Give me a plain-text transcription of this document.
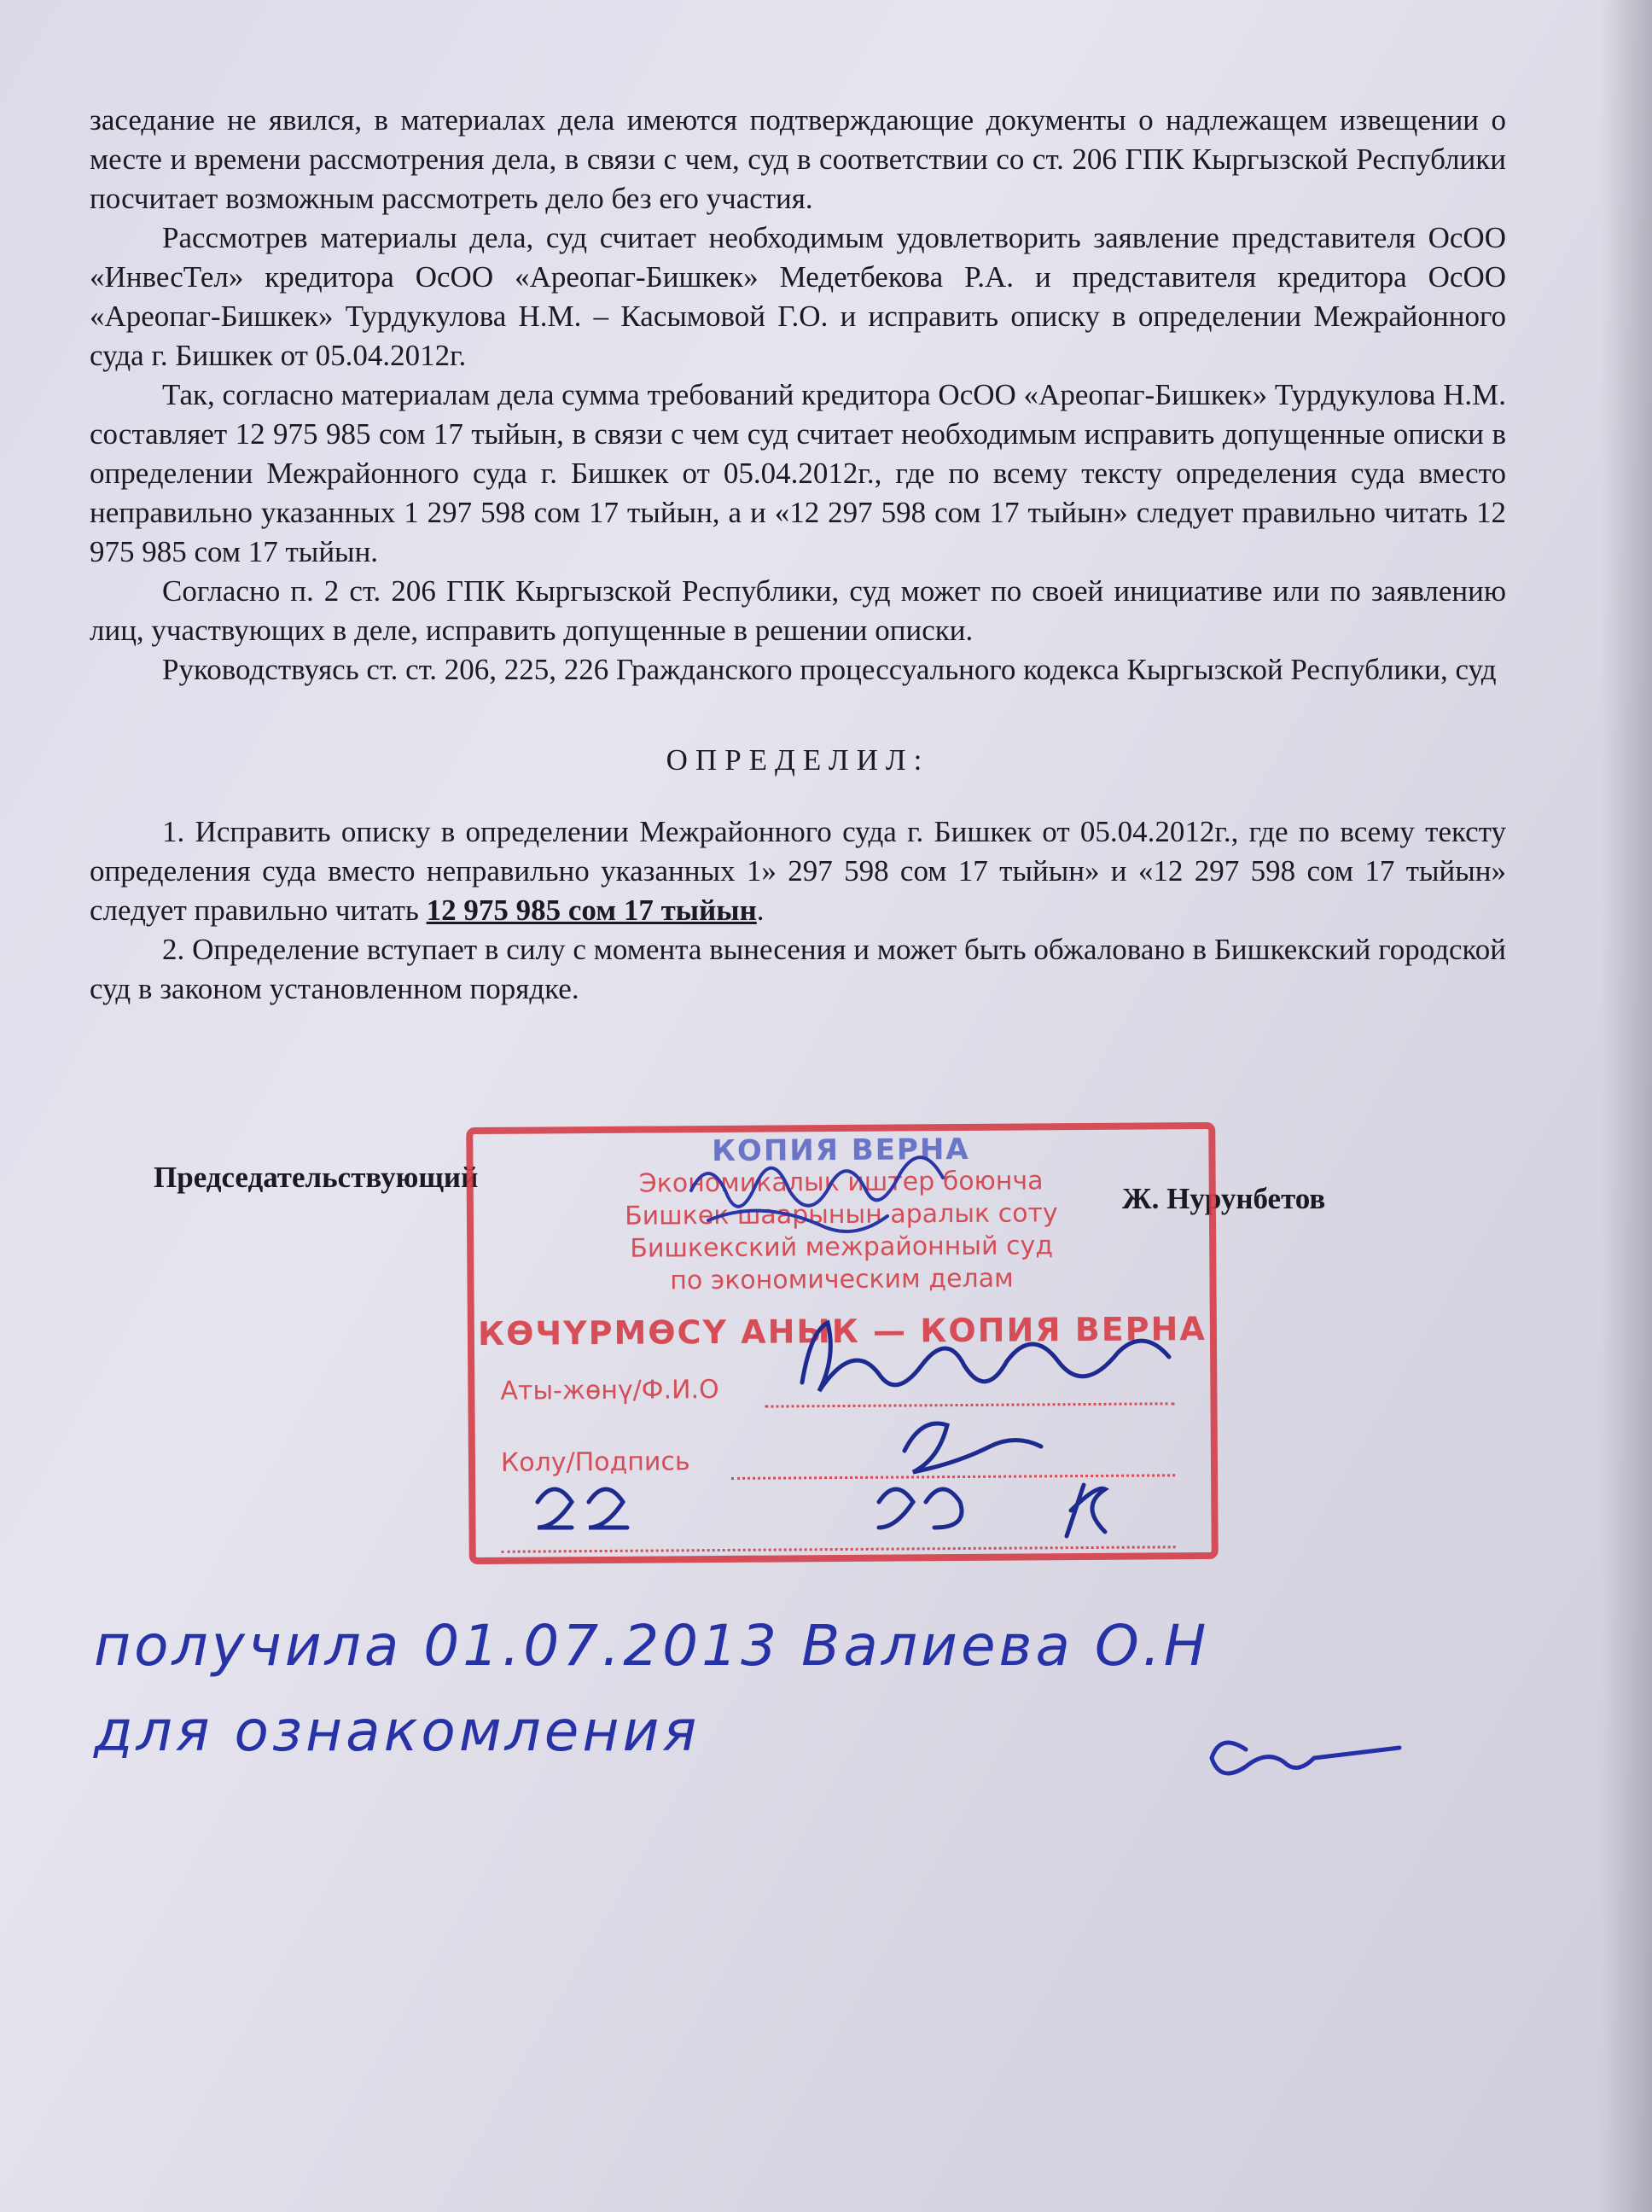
заседание не явился, в материалах дела имеются подтверждающие документы о надлежащем извещении о месте и времени рассмотрения дела, в связи с чем, суд в соответствии со ст. 206 ГПК Кыргызской Республики посчитает возможным рассмотреть дело без его участия.

Рассмотрев материалы дела, суд считает необходимым удовлетворить заявление представителя ОсОО «ИнвесТел» кредитора ОсОО «Ареопаг-Бишкек» Медетбекова Р.А. и представителя кредитора ОсОО «Ареопаг-Бишкек» Турдукулова Н.М. – Касымовой Г.О. и исправить описку в определении Межрайонного суда г. Бишкек от 05.04.2012г.

Так, согласно материалам дела сумма требований кредитора ОсОО «Ареопаг-Бишкек» Турдукулова Н.М. составляет 12 975 985 сом 17 тыйын, в связи с чем суд считает необходимым исправить допущенные описки в определении Межрайонного суда г. Бишкек от 05.04.2012г., где по всему тексту определения суда вместо неправильно указанных 1 297 598 сом 17 тыйын, а и «12 297 598 сом 17 тыйын» следует правильно читать 12 975 985 сом 17 тыйын.

Согласно п. 2 ст. 206 ГПК Кыргызской Республики, суд может по своей инициативе или по заявлению лиц, участвующих в деле, исправить допущенные в решении описки.

Руководствуясь ст. ст. 206, 225, 226 Гражданского процессуального кодекса Кыргызской Республики, суд

ОПРЕДЕЛИЛ:

1. Исправить описку в определении Межрайонного суда г. Бишкек от 05.04.2012г., где по всему тексту определения суда вместо неправильно указанных 1» 297 598 сом 17 тыйын» и «12 297 598 сом 17 тыйын» следует правильно читать 12 975 985 сом 17 тыйын.

2. Определение вступает в силу с момента вынесения и может быть обжаловано в Бишкекский городской суд в законом установленном порядке.

Председательствующий
Ж. Нурунбетов
КОПИЯ ВЕРНА
Экономикалык иштер боюнча
Бишкек шаарынын аралык соту
Бишкекский межрайонный суд
по экономическим делам
КӨЧҮРМӨСҮ АНЫК — КОПИЯ ВЕРНА
Аты-жөнү/Ф.И.О
Колу/Подпись
получила 01.07.2013 Валиева О.Н
для ознакомления
